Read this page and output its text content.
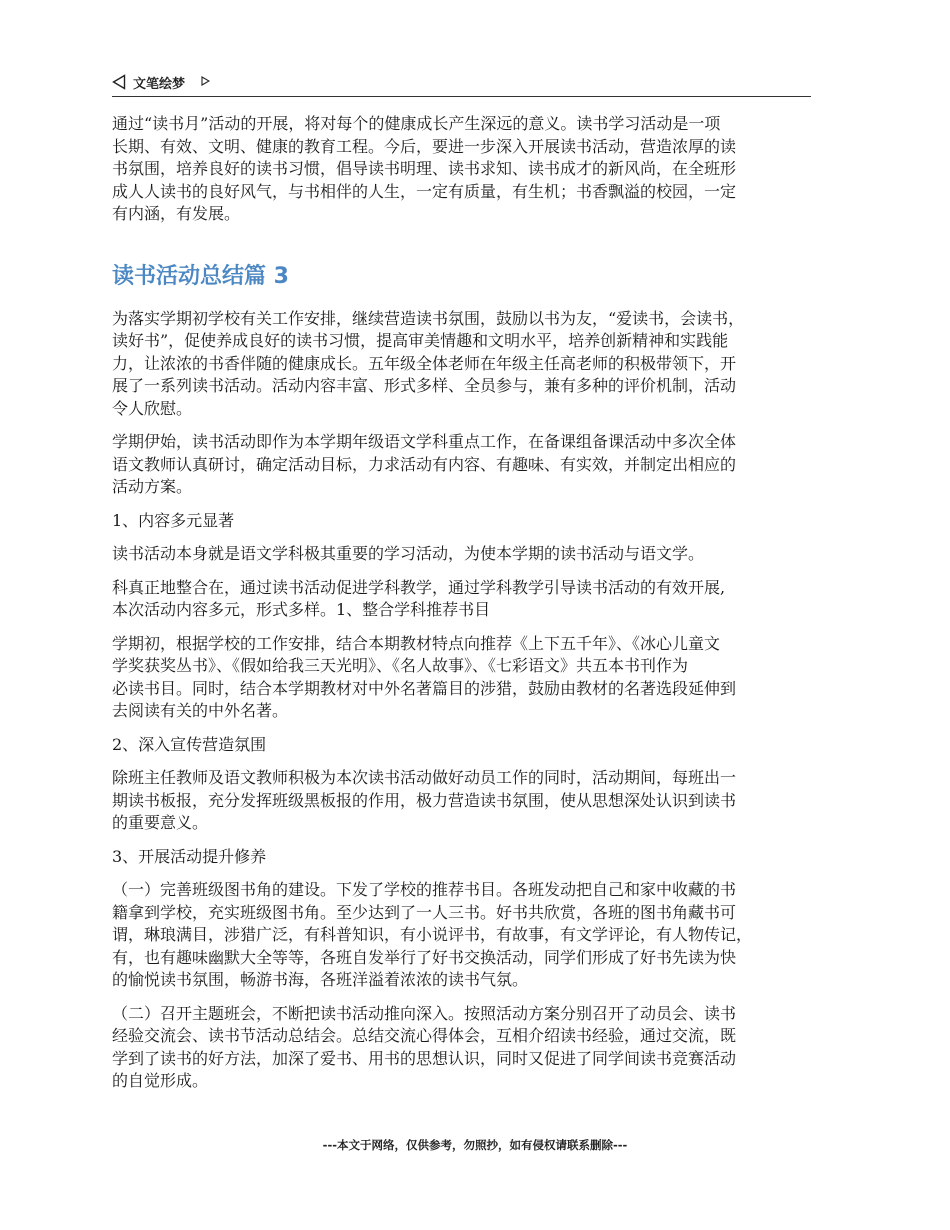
文笔绘梦

通过“读书月”活动的开展，将对每个的健康成长产生深远的意义。读书学习活动是一项
长期、有效、文明、健康的教育工程。今后，要进一步深入开展读书活动，营造浓厚的读
书氛围，培养良好的读书习惯，倡导读书明理、读书求知、读书成才的新风尚，在全班形
成人人读书的良好风气，与书相伴的人生，一定有质量，有生机；书香飘溢的校园，一定
有内涵，有发展。

读书活动总结篇 3

为落实学期初学校有关工作安排，继续营造读书氛围，鼓励以书为友，“爱读书，会读书，
读好书”，促使养成良好的读书习惯，提高审美情趣和文明水平，培养创新精神和实践能
力，让浓浓的书香伴随的健康成长。五年级全体老师在年级主任高老师的积极带领下，开
展了一系列读书活动。活动内容丰富、形式多样、全员参与，兼有多种的评价机制，活动
令人欣慰。

学期伊始，读书活动即作为本学期年级语文学科重点工作，在备课组备课活动中多次全体
语文教师认真研讨，确定活动目标，力求活动有内容、有趣味、有实效，并制定出相应的
活动方案。

1、内容多元显著

读书活动本身就是语文学科极其重要的学习活动，为使本学期的读书活动与语文学。

科真正地整合在，通过读书活动促进学科教学，通过学科教学引导读书活动的有效开展,
本次活动内容多元，形式多样。1、整合学科推荐书目

学期初，根据学校的工作安排，结合本期教材特点向推荐《上下五千年》、《冰心儿童文
学奖获奖丛书》、《假如给我三天光明》、《名人故事》、《七彩语文》共五本书刊作为
必读书目。同时，结合本学期教材对中外名著篇目的涉猎，鼓励由教材的名著选段延伸到
去阅读有关的中外名著。

2、深入宣传营造氛围

除班主任教师及语文教师积极为本次读书活动做好动员工作的同时，活动期间，每班出一
期读书板报，充分发挥班级黑板报的作用，极力营造读书氛围，使从思想深处认识到读书
的重要意义。

3、开展活动提升修养

（一）完善班级图书角的建设。下发了学校的推荐书目。各班发动把自己和家中收藏的书
籍拿到学校，充实班级图书角。至少达到了一人三书。好书共欣赏，各班的图书角藏书可
谓，琳琅满目，涉猎广泛，有科普知识，有小说评书，有故事，有文学评论，有人物传记，
有，也有趣味幽默大全等等，各班自发举行了好书交换活动，同学们形成了好书先读为快
的愉悦读书氛围，畅游书海，各班洋溢着浓浓的读书气氛。

（二）召开主题班会，不断把读书活动推向深入。按照活动方案分别召开了动员会、读书
经验交流会、读书节活动总结会。总结交流心得体会，互相介绍读书经验，通过交流，既
学到了读书的好方法，加深了爱书、用书的思想认识，同时又促进了同学间读书竞赛活动
的自觉形成。

---本文于网络，仅供参考，勿照抄，如有侵权请联系删除---
